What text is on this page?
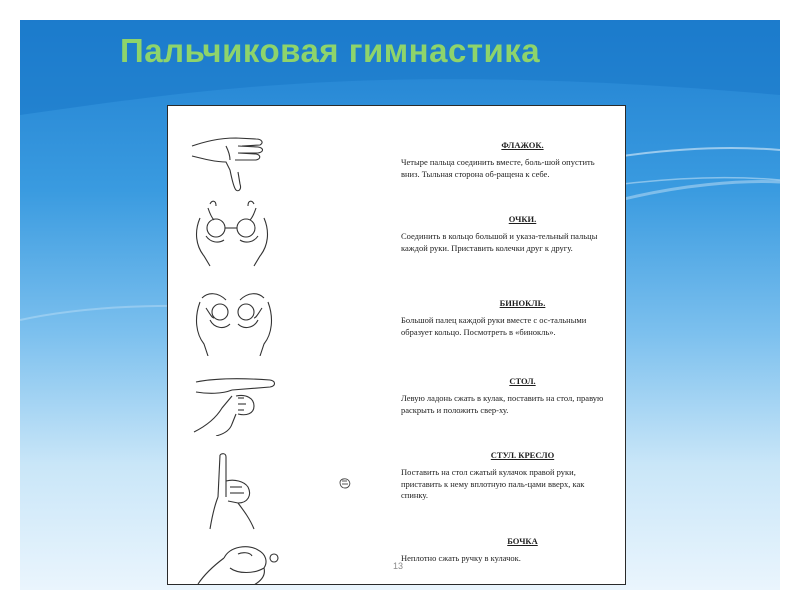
Пальчиковая гимнастика
ФЛАЖОК.
Четыре пальца соединить вместе, боль-шой опустить вниз. Тыльная сторона об-ращена к себе.
ОЧКИ.
Соединить в кольцо большой и указа-тельный пальцы каждой руки. Приставить колечки друг к другу.
БИНОКЛЬ.
Большой палец каждой руки вместе с ос-тальными образует кольцо. Посмотреть в «бинокль».
СТОЛ.
Левую ладонь сжать в кулак, поставить на стол, правую раскрыть и положить свер-ху.
СТУЛ. КРЕСЛО
Поставить на стол сжатый кулачок правой руки, приставить к нему вплотную паль-цами вверх, как спинку.
БОЧКА
Неплотно сжать ручку в кулачок.
13
